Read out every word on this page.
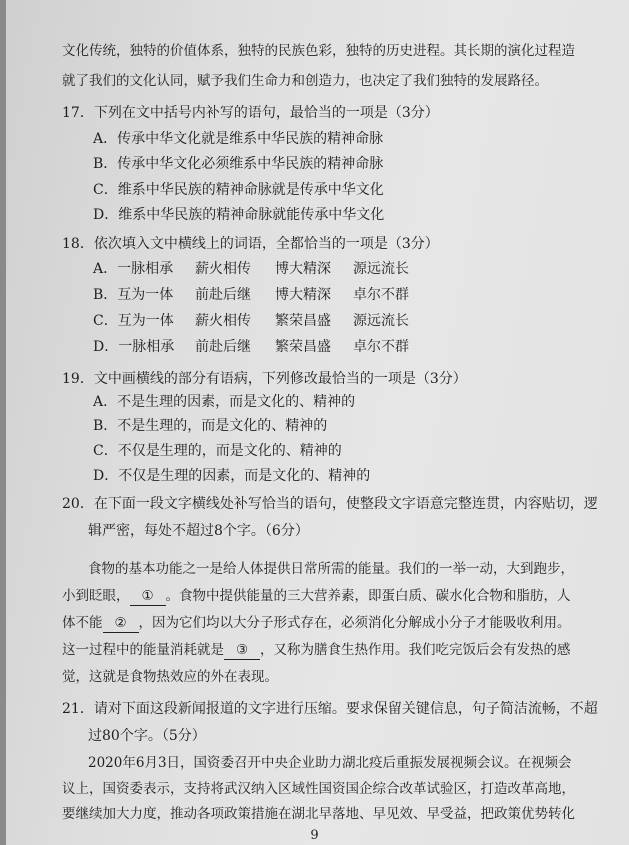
文化传统，独特的价值体系，独特的民族色彩，独特的历史进程。其长期的演化过程造
就了我们的文化认同，赋予我们生命力和创造力，也决定了我们独特的发展路径。
17．下列在文中括号内补写的语句，最恰当的一项是（3分）
A．传承中华文化就是维系中华民族的精神命脉
B．传承中华文化必须维系中华民族的精神命脉
C．维系中华民族的精神命脉就是传承中华文化
D．维系中华民族的精神命脉就能传承中华文化
18．依次填入文中横线上的词语，全都恰当的一项是（3分）
A．一脉相承 薪火相传 博大精深 源远流长
B．互为一体 前赴后继 博大精深 卓尔不群
C．互为一体 薪火相传 繁荣昌盛 源远流长
D．一脉相承 前赴后继 繁荣昌盛 卓尔不群
19．文中画横线的部分有语病，下列修改最恰当的一项是（3分）
A．不是生理的因素，而是文化的、精神的
B．不是生理的，而是文化的、精神的
C．不仅是生理的，而是文化的、精神的
D．不仅是生理的因素，而是文化的、精神的
20．在下面一段文字横线处补写恰当的语句，使整段文字语意完整连贯，内容贴切，逻
辑严密，每处不超过8个字。（6分）
食物的基本功能之一是给人体提供日常所需的能量。我们的一举一动，大到跑步，
小到眨眼， ① 。食物中提供能量的三大营养素，即蛋白质、碳水化合物和脂肪，人
体不能 ② ，因为它们均以大分子形式存在，必须消化分解成小分子才能吸收利用。
这一过程中的能量消耗就是 ③ ，又称为膳食生热作用。我们吃完饭后会有发热的感
觉，这就是食物热效应的外在表现。
21．请对下面这段新闻报道的文字进行压缩。要求保留关键信息，句子简洁流畅，不超
过80个字。（5分）
2020年6月3日，国资委召开中央企业助力湖北疫后重振发展视频会议。在视频会
议上，国资委表示，支持将武汉纳入区域性国资国企综合改革试验区，打造改革高地，
要继续加大力度，推动各项政策措施在湖北早落地、早见效、早受益，把政策优势转化
9
